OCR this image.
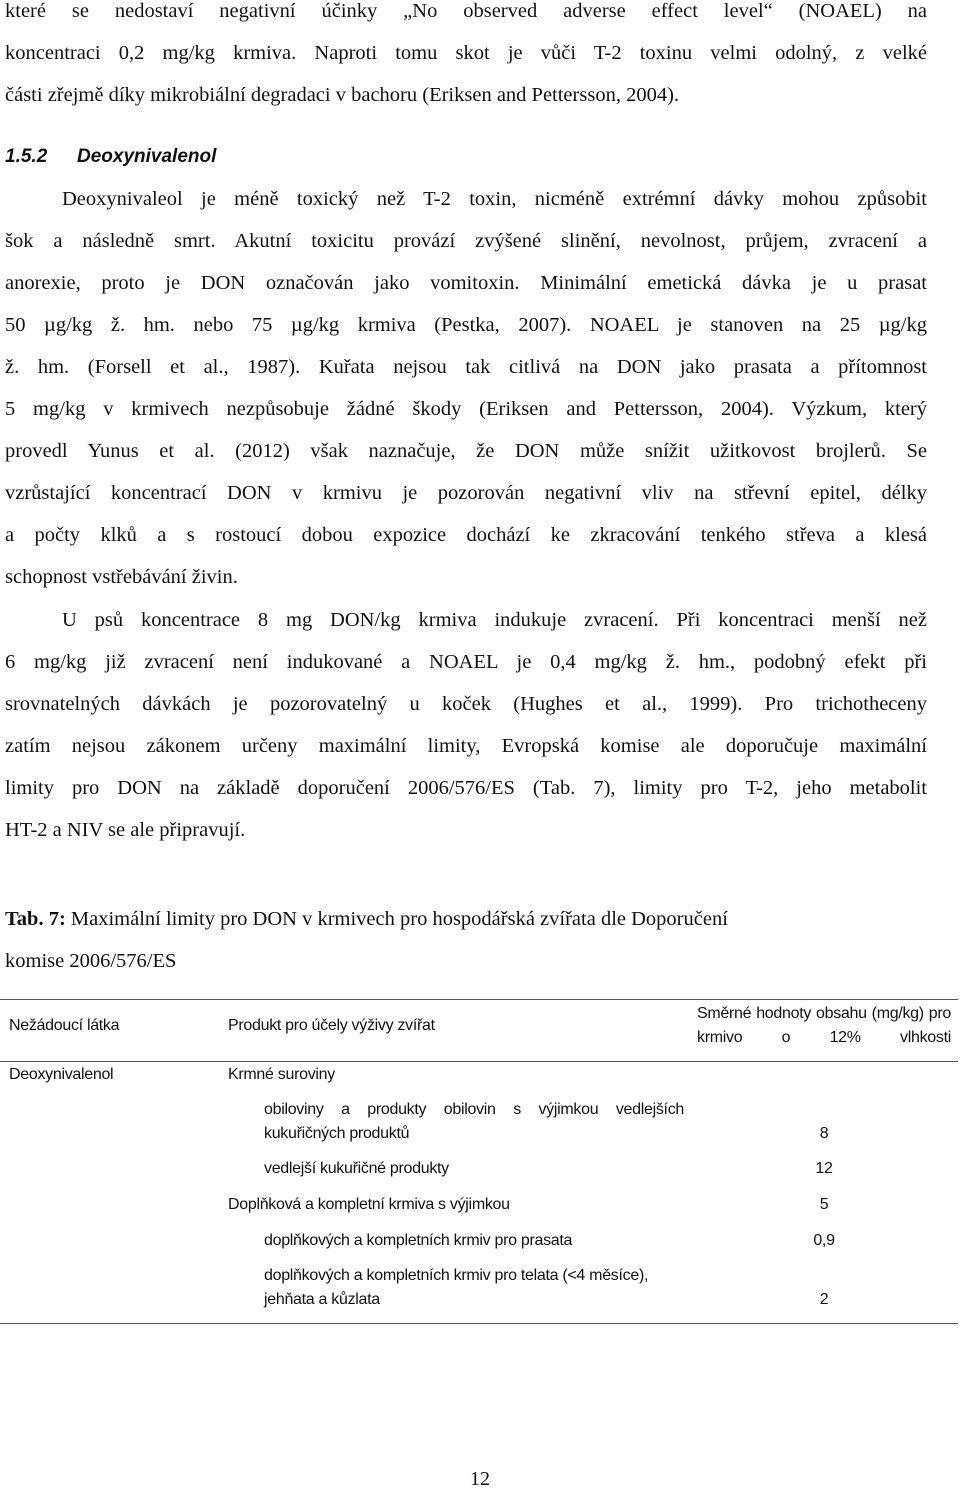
které se nedostaví negativní účinky „No observed adverse effect level“ (NOAEL) na
koncentraci 0,2 mg/kg krmiva. Naproti tomu skot je vůči T-2 toxinu velmi odolný, z velké
části zřejmě díky mikrobiální degradaci v bachoru (Eriksen and Pettersson, 2004).
1.5.2 Deoxynivalenol
Deoxynivaleol je méně toxický než T-2 toxin, nicméně extrémní dávky mohou způsobit
šok a následně smrt. Akutní toxicitu provází zvýšené slinění, nevolnost, průjem, zvracení a
anorexie, proto je DON označován jako vomitoxin. Minimální emetická dávka je u prasat
50 µg/kg ž. hm. nebo 75 µg/kg krmiva (Pestka, 2007). NOAEL je stanoven na 25 µg/kg
ž. hm. (Forsell et al., 1987). Kuřata nejsou tak citlivá na DON jako prasata a přítomnost
5 mg/kg v krmivech nezpůsobuje žádné škody (Eriksen and Pettersson, 2004). Výzkum, který
provedl Yunus et al. (2012) však naznačuje, že DON může snížit užitkovost brojlerů. Se
vzrůstající koncentrací DON v krmivu je pozorován negativní vliv na střevní epitel, délky
a počty klků a s rostoucí dobou expozice dochází ke zkracování tenkého střeva a klesá
schopnost vstřebávání živin.
U psů koncentrace 8 mg DON/kg krmiva indukuje zvracení. Při koncentraci menší než
6 mg/kg již zvracení není indukované a NOAEL je 0,4 mg/kg ž. hm., podobný efekt při
srovnatelných dávkách je pozorovatelný u koček (Hughes et al., 1999). Pro trichotheceny
zatím nejsou zákonem určeny maximální limity, Evropská komise ale doporučuje maximální
limity pro DON na základě doporučení 2006/576/ES (Tab. 7), limity pro T-2, jeho metabolit
HT-2 a NIV se ale připravují.
Tab. 7: Maximální limity pro DON v krmivech pro hospodářská zvířata dle Doporučení
komise 2006/576/ES
Nežádoucí látka	Produkt pro účely výživy zvířat
Směrné hodnoty obsahu (mg/kg) pro krmivo o 12% vlhkosti
Deoxynivalenol	Krmné suroviny
obiloviny a produkty obilovin s výjimkou vedlejších
kukuřičných produktů	8
vedlejší kukuřičné produkty	12
Doplňková a kompletní krmiva s výjimkou	5
doplňkových a kompletních krmiv pro prasata	0,9
doplňkových a kompletních krmiv pro telata (<4 měsíce),
jehňata a kůzlata	2
12
